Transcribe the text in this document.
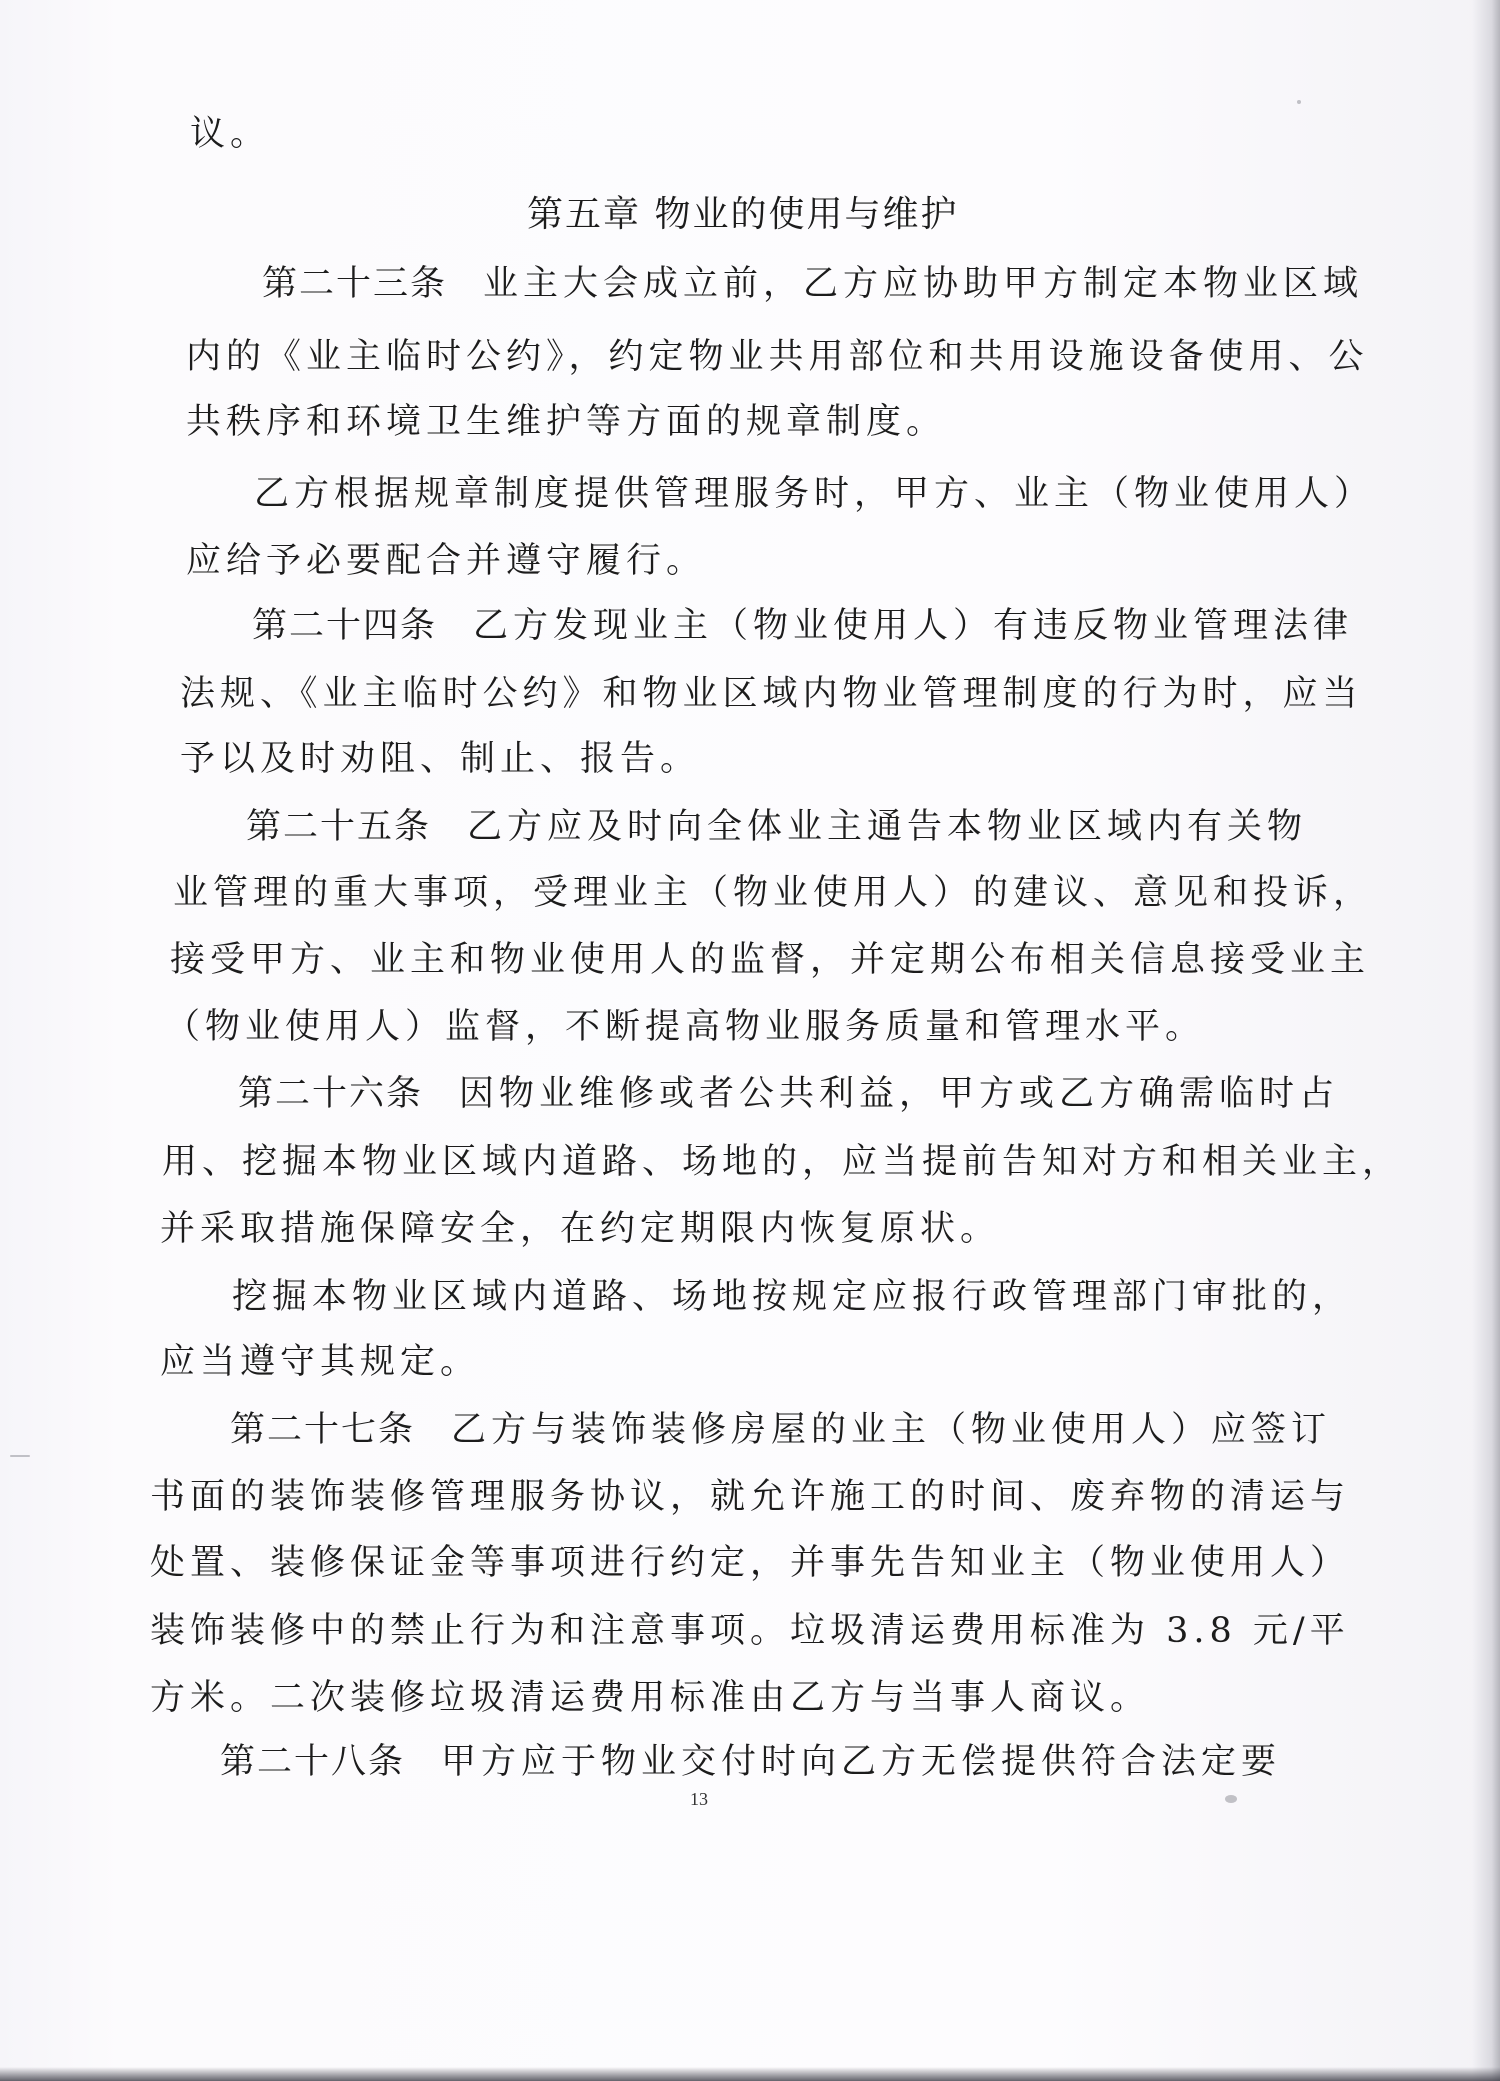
议。
第五章 物业的使用与维护
第二十三条 业主大会成立前，乙方应协助甲方制定本物业区域
内的《业主临时公约》，约定物业共用部位和共用设施设备使用、公
共秩序和环境卫生维护等方面的规章制度。
乙方根据规章制度提供管理服务时，甲方、业主（物业使用人）
应给予必要配合并遵守履行。
第二十四条 乙方发现业主（物业使用人）有违反物业管理法律
法规、《业主临时公约》和物业区域内物业管理制度的行为时，应当
予以及时劝阻、制止、报告。
第二十五条 乙方应及时向全体业主通告本物业区域内有关物
业管理的重大事项，受理业主（物业使用人）的建议、意见和投诉，
接受甲方、业主和物业使用人的监督，并定期公布相关信息接受业主
（物业使用人）监督，不断提高物业服务质量和管理水平。
第二十六条 因物业维修或者公共利益，甲方或乙方确需临时占
用、挖掘本物业区域内道路、场地的，应当提前告知对方和相关业主，
并采取措施保障安全，在约定期限内恢复原状。
挖掘本物业区域内道路、场地按规定应报行政管理部门审批的，
应当遵守其规定。
第二十七条 乙方与装饰装修房屋的业主（物业使用人）应签订
书面的装饰装修管理服务协议，就允许施工的时间、废弃物的清运与
处置、装修保证金等事项进行约定，并事先告知业主（物业使用人）
装饰装修中的禁止行为和注意事项。垃圾清运费用标准为 3.8 元/平
方米。二次装修垃圾清运费用标准由乙方与当事人商议。
第二十八条 甲方应于物业交付时向乙方无偿提供符合法定要
13
